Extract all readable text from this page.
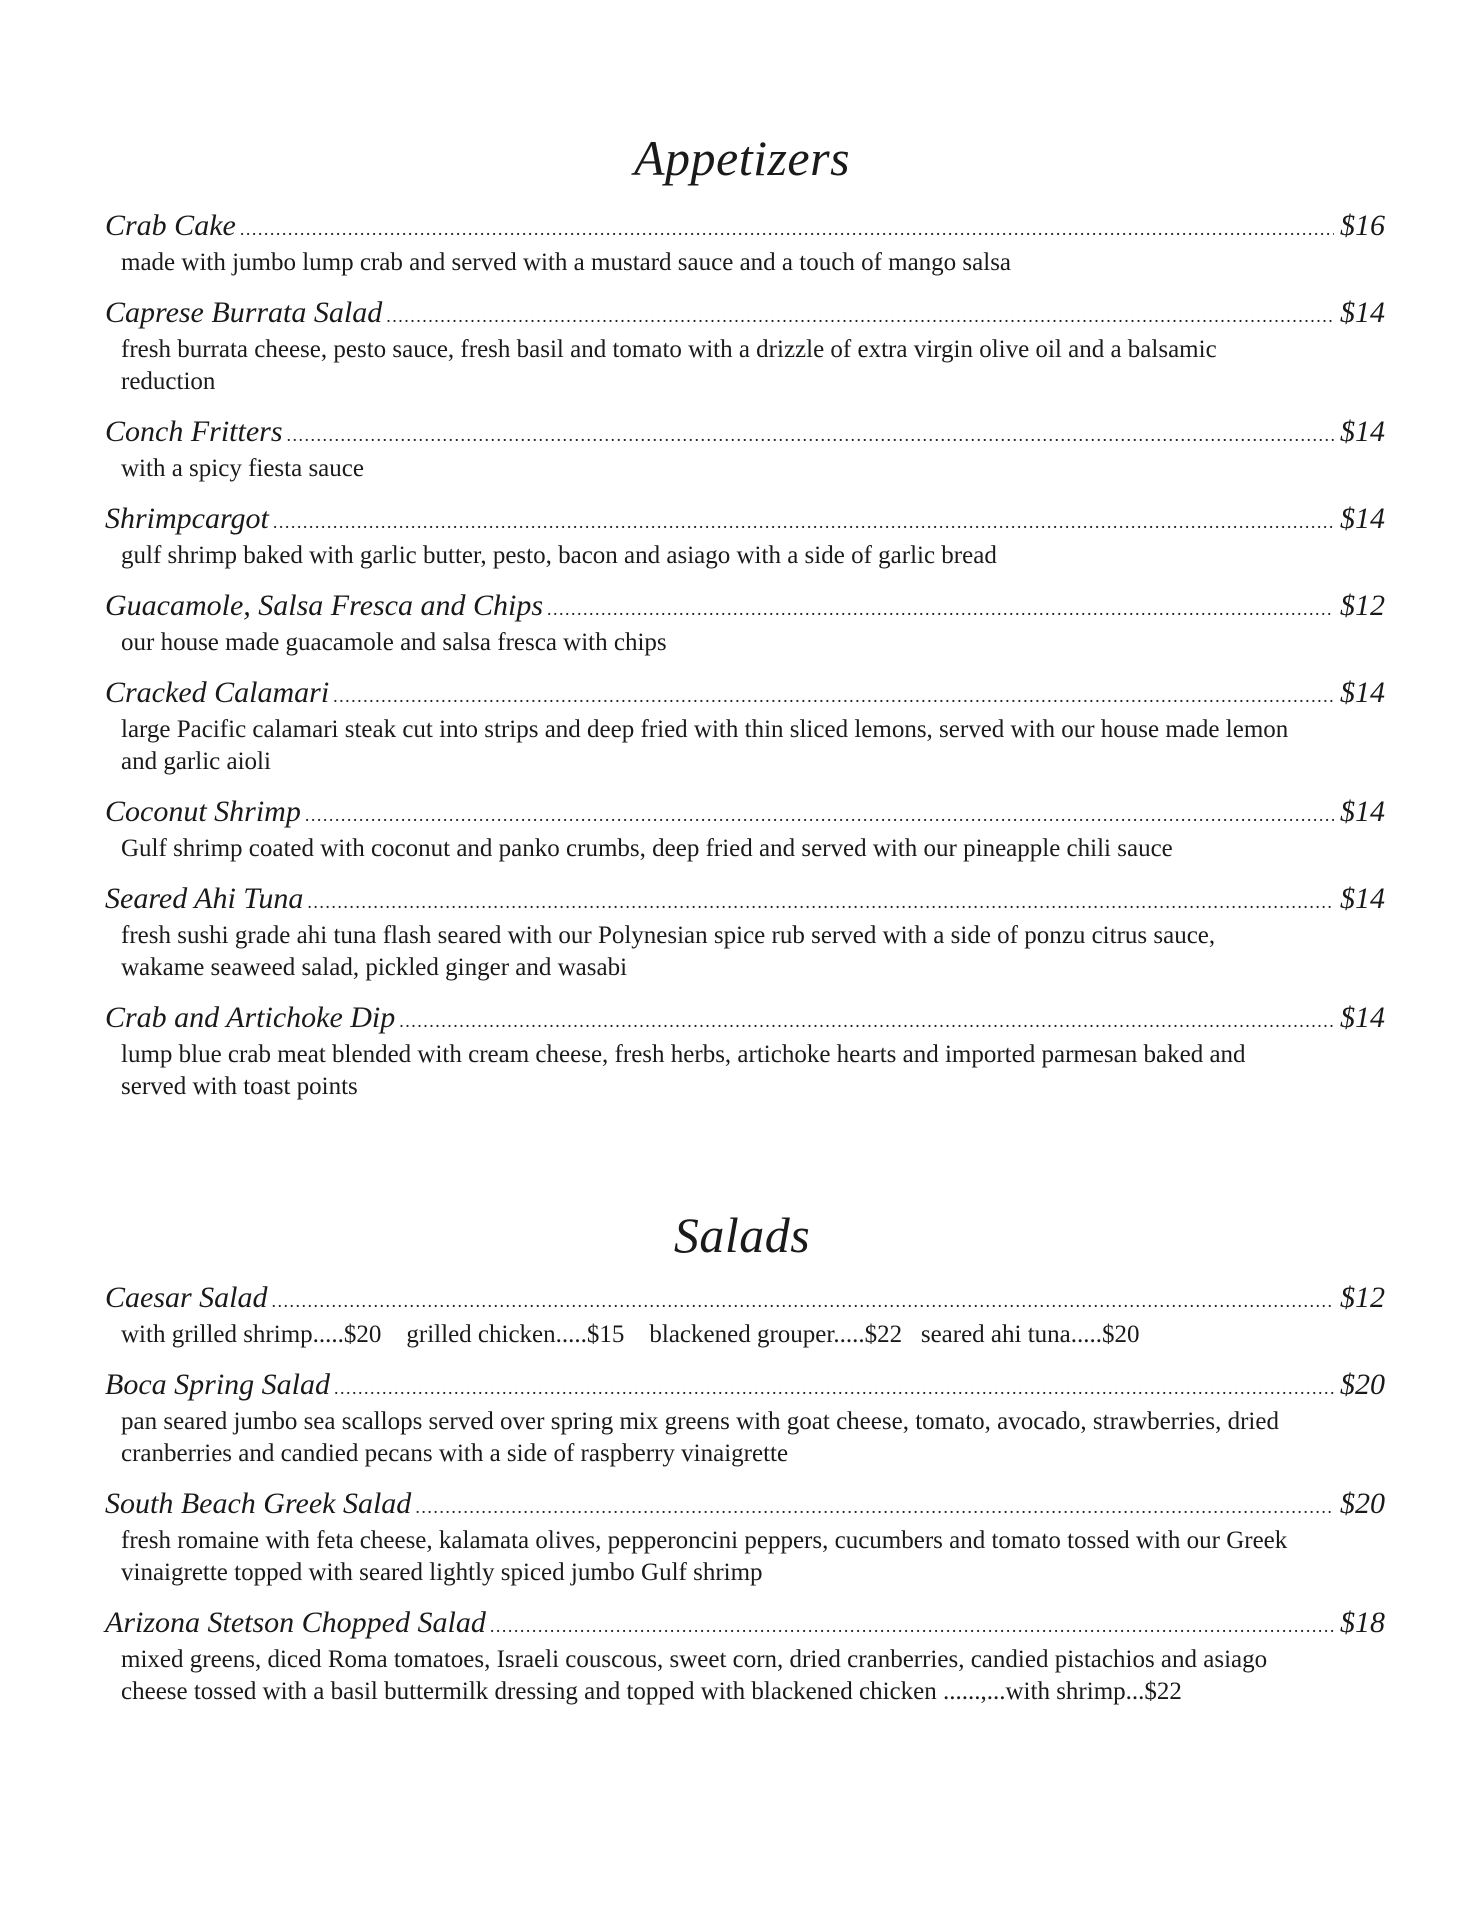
Appetizers
Crab Cake .....	$16
made with jumbo lump crab and served with a mustard sauce and a touch of mango salsa
Caprese Burrata Salad .....	$14
fresh burrata cheese, pesto sauce, fresh basil and tomato with a drizzle of extra virgin olive oil and a balsamic reduction
Conch Fritters .....	$14
with a spicy fiesta sauce
Shrimpcargot .....	$14
gulf shrimp baked with garlic butter, pesto, bacon and asiago with a side of garlic bread
Guacamole, Salsa Fresca and Chips .....	$12
our house made guacamole and salsa fresca with chips
Cracked Calamari .....	$14
large Pacific calamari steak cut into strips and deep fried with thin sliced lemons, served with our house made lemon and garlic aioli
Coconut Shrimp .....	$14
Gulf shrimp coated with coconut and panko crumbs, deep fried and served with our pineapple chili sauce
Seared Ahi Tuna .....	$14
fresh sushi grade ahi tuna flash seared with our Polynesian spice rub served with a side of ponzu citrus sauce, wakame seaweed salad, pickled ginger and wasabi
Crab and Artichoke Dip .....	$14
lump blue crab meat blended with cream cheese, fresh herbs, artichoke hearts and imported parmesan baked and served with toast points
Salads
Caesar Salad .....	$12
with grilled shrimp.....$20    grilled chicken.....$15    blackened grouper.....$22   seared ahi tuna.....$20
Boca Spring Salad .....	$20
pan seared jumbo sea scallops served over spring mix greens with goat cheese, tomato, avocado, strawberries, dried cranberries and candied pecans with a side of raspberry vinaigrette
South Beach Greek Salad .....	$20
fresh romaine with feta cheese, kalamata olives, pepperoncini peppers, cucumbers and tomato tossed with our Greek vinaigrette topped with seared lightly spiced jumbo Gulf shrimp
Arizona Stetson Chopped Salad .....	$18
mixed greens, diced Roma tomatoes, Israeli couscous, sweet corn, dried cranberries, candied pistachios and asiago cheese tossed with a basil buttermilk dressing and topped with blackened chicken ......,...with shrimp...$22
